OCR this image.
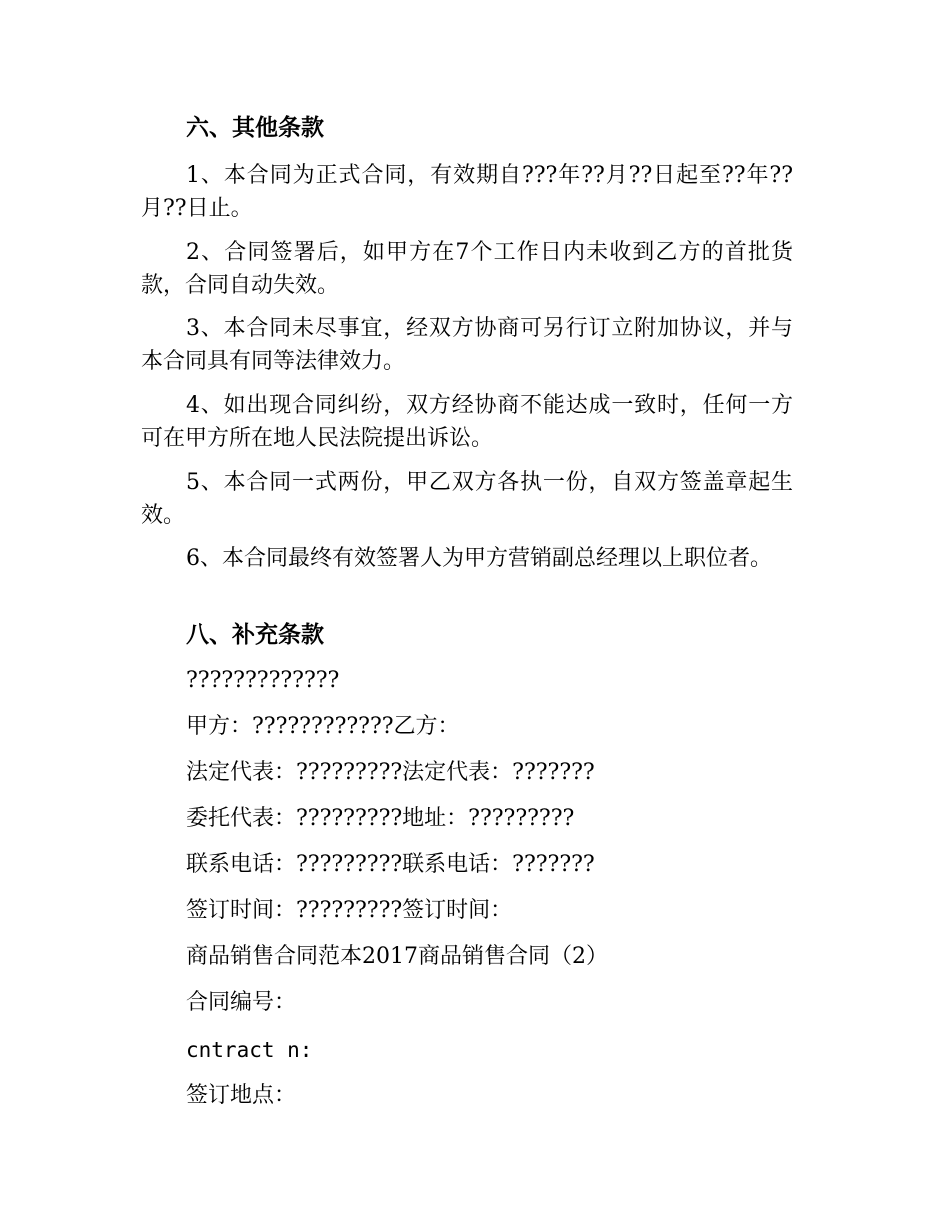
六、其他条款
1、本合同为正式合同，有效期自???年??月??日起至??年??月??日止。
2、合同签署后，如甲方在7个工作日内未收到乙方的首批货款，合同自动失效。
3、本合同未尽事宜，经双方协商可另行订立附加协议，并与本合同具有同等法律效力。
4、如出现合同纠纷，双方经协商不能达成一致时，任何一方可在甲方所在地人民法院提出诉讼。
5、本合同一式两份，甲乙双方各执一份，自双方签盖章起生效。
6、本合同最终有效签署人为甲方营销副总经理以上职位者。
八、补充条款
?????????????
甲方：????????????乙方：
法定代表：?????????法定代表：???????
委托代表：?????????地址：?????????
联系电话：?????????联系电话：???????
签订时间：?????????签订时间：
商品销售合同范本2017商品销售合同（2）
合同编号：
cntract n:
签订地点：
